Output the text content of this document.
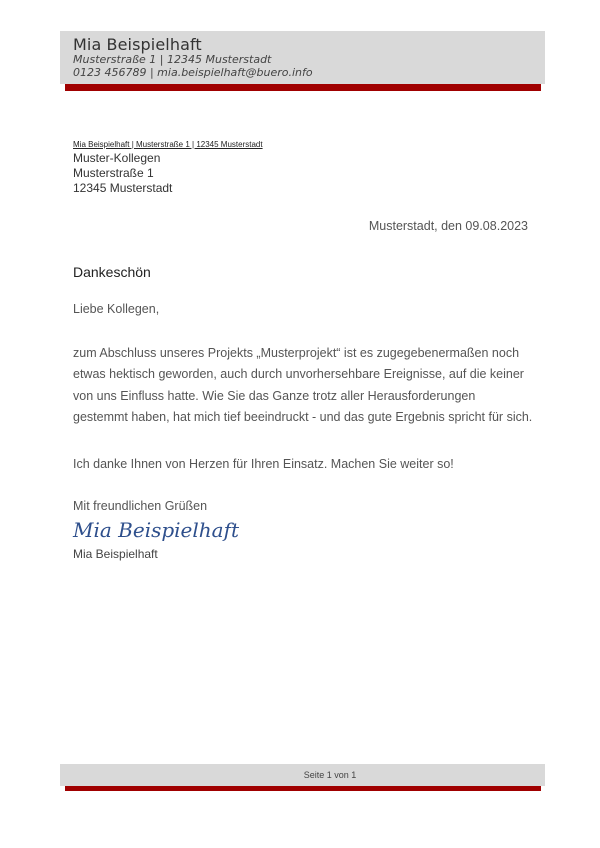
Mia Beispielhaft
Musterstraße 1 | 12345 Musterstadt
0123 456789 | mia.beispielhaft@buero.info
Mia Beispielhaft | Musterstraße 1 | 12345 Musterstadt
Muster-Kollegen
Musterstraße 1
12345 Musterstadt
Musterstadt, den 09.08.2023
Dankeschön
Liebe Kollegen,
zum Abschluss unseres Projekts „Musterprojekt“ ist es zugegebenermaßen noch etwas hektisch geworden, auch durch unvorhersehbare Ereignisse, auf die keiner von uns Einfluss hatte. Wie Sie das Ganze trotz aller Herausforderungen gestemmt haben, hat mich tief beeindruckt - und das gute Ergebnis spricht für sich.
Ich danke Ihnen von Herzen für Ihren Einsatz. Machen Sie weiter so!
Mit freundlichen Grüßen
Mia Beispielhaft
Mia Beispielhaft
Seite 1 von 1
